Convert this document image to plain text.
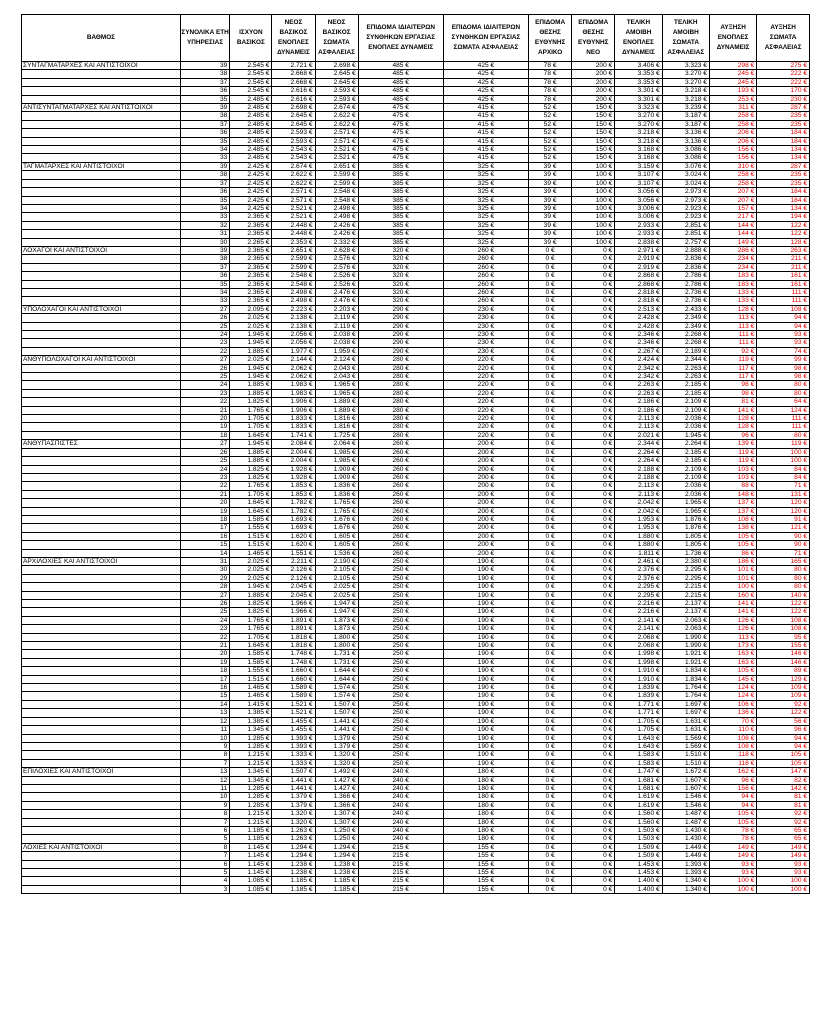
ΒΑΘΜΟΣ	ΣΥΝΟΛΙΚΑ ΕΤΗ ΥΠΗΡΕΣΙΑΣ	ΙΣΧΥΟΝ ΒΑΣΙΚΟΣ	ΝΕΟΣ ΒΑΣΙΚΟΣ ΕΝΟΠΛΕΣ ΔΥΝΑΜΕΙΣ	ΝΕΟΣ ΒΑΣΙΚΟΣ ΣΩΜΑΤΑ ΑΣΦΑΛΕΙΑΣ	ΕΠΙΔΟΜΑ ΙΔΙΑΙΤΕΡΩΝ ΣΥΝΘΗΚΩΝ ΕΡΓΑΣΙΑΣ ΕΝΟΠΛΕΣ ΔΥΝΑΜΕΙΣ	ΕΠΙΔΟΜΑ ΙΔΙΑΙΤΕΡΩΝ ΣΥΝΘΗΚΩΝ ΕΡΓΑΣΙΑΣ ΣΩΜΑΤΑ ΑΣΦΑΛΕΙΑΣ	ΕΠΙΔΟΜΑ ΘΕΣΗΣ ΕΥΘΥΝΗΣ ΑΡΧΙΚΟ	ΕΠΙΔΟΜΑ ΘΕΣΗΣ ΕΥΘΥΝΗΣ ΝΕΟ	ΤΕΛΙΚΗ ΑΜΟΙΒΗ ΕΝΟΠΛΕΣ ΔΥΝΑΜΕΙΣ	ΤΕΛΙΚΗ ΑΜΟΙΒΗ ΣΩΜΑΤΑ ΑΣΦΑΛΕΙΑΣ	ΑΥΞΗΣΗ ΕΝΟΠΛΕΣ ΔΥΝΑΜΕΙΣ	ΑΥΞΗΣΗ ΣΩΜΑΤΑ ΑΣΦΑΛΕΙΑΣ
ΣΥΝΤΑΓΜΑΤΑΡΧΕΣ ΚΑΙ ΑΝΤΙΣΤΟΙΧΟΙ	39	2.545 €	2.721 €	2.698 €	485 €	425 €	78 €	200 €	3.406 €	3.323 €	298 €	275 €
	38	2.545 €	2.668 €	2.645 €	485 €	425 €	78 €	200 €	3.353 €	3.270 €	245 €	222 €
	37	2.545 €	2.668 €	2.645 €	485 €	425 €	78 €	200 €	3.353 €	3.270 €	245 €	222 €
	36	2.545 €	2.616 €	2.593 €	485 €	425 €	78 €	200 €	3.301 €	3.218 €	193 €	170 €
	35	2.485 €	2.616 €	2.593 €	485 €	425 €	78 €	200 €	3.301 €	3.218 €	253 €	230 €
ΑΝΤΙΣΥΝΤΑΓΜΑΤΑΡΧΕΣ ΚΑΙ ΑΝΤΙΣΤΟΙΧΟΙ	39	2.485 €	2.698 €	2.674 €	475 €	415 €	52 €	150 €	3.323 €	3.239 €	311 €	287 €
	38	2.485 €	2.645 €	2.622 €	475 €	415 €	52 €	150 €	3.270 €	3.187 €	258 €	235 €
	37	2.485 €	2.645 €	2.622 €	475 €	415 €	52 €	150 €	3.270 €	3.187 €	258 €	235 €
	36	2.485 €	2.593 €	2.571 €	475 €	415 €	52 €	150 €	3.218 €	3.136 €	206 €	184 €
	35	2.485 €	2.593 €	2.571 €	475 €	415 €	52 €	150 €	3.218 €	3.136 €	206 €	184 €
	34	2.485 €	2.543 €	2.521 €	475 €	415 €	52 €	150 €	3.168 €	3.086 €	156 €	134 €
	33	2.485 €	2.543 €	2.521 €	475 €	415 €	52 €	150 €	3.168 €	3.086 €	156 €	134 €
ΤΑΓΜΑΤΑΡΧΕΣ ΚΑΙ ΑΝΤΙΣΤΟΙΧΟΙ	39	2.425 €	2.674 €	2.651 €	385 €	325 €	39 €	100 €	3.159 €	3.076 €	310 €	287 €
	38	2.425 €	2.622 €	2.599 €	385 €	325 €	39 €	100 €	3.107 €	3.024 €	258 €	235 €
	37	2.425 €	2.622 €	2.599 €	385 €	325 €	39 €	100 €	3.107 €	3.024 €	258 €	235 €
	36	2.425 €	2.571 €	2.548 €	385 €	325 €	39 €	100 €	3.056 €	2.973 €	207 €	184 €
	35	2.425 €	2.571 €	2.548 €	385 €	325 €	39 €	100 €	3.056 €	2.973 €	207 €	184 €
	34	2.425 €	2.521 €	2.498 €	385 €	325 €	39 €	100 €	3.006 €	2.923 €	157 €	134 €
	33	2.365 €	2.521 €	2.498 €	385 €	325 €	39 €	100 €	3.006 €	2.923 €	217 €	194 €
	32	2.365 €	2.448 €	2.426 €	385 €	325 €	39 €	100 €	2.933 €	2.851 €	144 €	122 €
	31	2.365 €	2.448 €	2.426 €	385 €	325 €	39 €	100 €	2.933 €	2.851 €	144 €	122 €
	30	2.265 €	2.353 €	2.332 €	385 €	325 €	39 €	100 €	2.838 €	2.757 €	149 €	128 €
ΛΟΧΑΓΟΙ ΚΑΙ ΑΝΤΙΣΤΟΙΧΟΙ	39	2.365 €	2.651 €	2.628 €	320 €	260 €	0 €	0 €	2.971 €	2.888 €	286 €	263 €
	38	2.365 €	2.599 €	2.576 €	320 €	260 €	0 €	0 €	2.919 €	2.836 €	234 €	211 €
	37	2.365 €	2.599 €	2.576 €	320 €	260 €	0 €	0 €	2.919 €	2.836 €	234 €	211 €
	36	2.365 €	2.548 €	2.526 €	320 €	260 €	0 €	0 €	2.868 €	2.786 €	183 €	161 €
	35	2.365 €	2.548 €	2.526 €	320 €	260 €	0 €	0 €	2.868 €	2.786 €	183 €	161 €
	34	2.365 €	2.498 €	2.476 €	320 €	260 €	0 €	0 €	2.818 €	2.736 €	133 €	111 €
	33	2.365 €	2.498 €	2.476 €	320 €	260 €	0 €	0 €	2.818 €	2.736 €	133 €	111 €
ΥΠΟΛΟΧΑΓΟΙ ΚΑΙ ΑΝΤΙΣΤΟΙΧΟΙ	27	2.095 €	2.223 €	2.203 €	290 €	230 €	0 €	0 €	2.513 €	2.433 €	128 €	108 €
	26	2.025 €	2.138 €	2.119 €	290 €	230 €	0 €	0 €	2.428 €	2.349 €	113 €	94 €
	25	2.025 €	2.138 €	2.119 €	290 €	230 €	0 €	0 €	2.428 €	2.349 €	113 €	94 €
	24	1.945 €	2.056 €	2.038 €	290 €	230 €	0 €	0 €	2.346 €	2.268 €	111 €	93 €
	23	1.945 €	2.056 €	2.038 €	290 €	230 €	0 €	0 €	2.346 €	2.268 €	111 €	93 €
	22	1.885 €	1.977 €	1.959 €	290 €	230 €	0 €	0 €	2.267 €	2.189 €	92 €	74 €
ΑΝΘΥΠΟΛΟΧΑΓΟΙ ΚΑΙ ΑΝΤΙΣΤΟΙΧΟΙ	27	2.025 €	2.144 €	2.124 €	280 €	220 €	0 €	0 €	2.424 €	2.344 €	119 €	99 €
	26	1.945 €	2.062 €	2.043 €	280 €	220 €	0 €	0 €	2.342 €	2.263 €	117 €	98 €
	25	1.945 €	2.062 €	2.043 €	280 €	220 €	0 €	0 €	2.342 €	2.263 €	117 €	98 €
	24	1.885 €	1.983 €	1.965 €	280 €	220 €	0 €	0 €	2.263 €	2.185 €	98 €	80 €
	23	1.885 €	1.983 €	1.965 €	280 €	220 €	0 €	0 €	2.263 €	2.185 €	98 €	80 €
	22	1.825 €	1.906 €	1.889 €	280 €	220 €	0 €	0 €	2.186 €	2.109 €	81 €	64 €
	21	1.765 €	1.906 €	1.889 €	280 €	220 €	0 €	0 €	2.186 €	2.109 €	141 €	124 €
	20	1.705 €	1.833 €	1.816 €	280 €	220 €	0 €	0 €	2.113 €	2.036 €	128 €	111 €
	19	1.705 €	1.833 €	1.816 €	280 €	220 €	0 €	0 €	2.113 €	2.036 €	128 €	111 €
	18	1.645 €	1.741 €	1.725 €	280 €	220 €	0 €	0 €	2.021 €	1.945 €	96 €	80 €
ΑΝΘΥΠΑΣΠΙΣΤΕΣ	27	1.945 €	2.084 €	2.064 €	260 €	200 €	0 €	0 €	2.344 €	2.264 €	139 €	119 €
	26	1.885 €	2.004 €	1.985 €	260 €	200 €	0 €	0 €	2.264 €	2.185 €	119 €	100 €
	25	1.885 €	2.004 €	1.985 €	260 €	200 €	0 €	0 €	2.264 €	2.185 €	119 €	100 €
	24	1.825 €	1.928 €	1.909 €	260 €	200 €	0 €	0 €	2.188 €	2.109 €	103 €	84 €
	23	1.825 €	1.928 €	1.909 €	260 €	200 €	0 €	0 €	2.188 €	2.109 €	103 €	84 €
	22	1.765 €	1.853 €	1.836 €	260 €	200 €	0 €	0 €	2.113 €	2.036 €	88 €	71 €
	21	1.705 €	1.853 €	1.836 €	260 €	200 €	0 €	0 €	2.113 €	2.036 €	148 €	131 €
	20	1.645 €	1.782 €	1.765 €	260 €	200 €	0 €	0 €	2.042 €	1.965 €	137 €	120 €
	19	1.645 €	1.782 €	1.765 €	260 €	200 €	0 €	0 €	2.042 €	1.965 €	137 €	120 €
	18	1.585 €	1.693 €	1.676 €	260 €	200 €	0 €	0 €	1.953 €	1.876 €	108 €	91 €
	17	1.555 €	1.693 €	1.676 €	260 €	200 €	0 €	0 €	1.953 €	1.876 €	138 €	121 €
	16	1.515 €	1.620 €	1.605 €	260 €	200 €	0 €	0 €	1.880 €	1.805 €	105 €	90 €
	15	1.515 €	1.620 €	1.605 €	260 €	200 €	0 €	0 €	1.880 €	1.805 €	105 €	90 €
	14	1.465 €	1.551 €	1.536 €	260 €	200 €	0 €	0 €	1.811 €	1.736 €	86 €	71 €
ΑΡΧΙΛΟΧΙΕΣ ΚΑΙ ΑΝΤΙΣΤΟΙΧΟΙ	31	2.025 €	2.211 €	2.190 €	250 €	190 €	0 €	0 €	2.461 €	2.380 €	186 €	165 €
	30	2.025 €	2.126 €	2.105 €	250 €	190 €	0 €	0 €	2.376 €	2.295 €	101 €	80 €
	29	2.025 €	2.126 €	2.105 €	250 €	190 €	0 €	0 €	2.376 €	2.295 €	101 €	80 €
	28	1.945 €	2.045 €	2.025 €	250 €	190 €	0 €	0 €	2.295 €	2.215 €	100 €	80 €
	27	1.885 €	2.045 €	2.025 €	250 €	190 €	0 €	0 €	2.295 €	2.215 €	160 €	140 €
	26	1.825 €	1.966 €	1.947 €	250 €	190 €	0 €	0 €	2.216 €	2.137 €	141 €	122 €
	25	1.825 €	1.966 €	1.947 €	250 €	190 €	0 €	0 €	2.216 €	2.137 €	141 €	122 €
	24	1.765 €	1.891 €	1.873 €	250 €	190 €	0 €	0 €	2.141 €	2.063 €	126 €	108 €
	23	1.765 €	1.891 €	1.873 €	250 €	190 €	0 €	0 €	2.141 €	2.063 €	126 €	108 €
	22	1.705 €	1.818 €	1.800 €	250 €	190 €	0 €	0 €	2.068 €	1.990 €	113 €	95 €
	21	1.645 €	1.818 €	1.800 €	250 €	190 €	0 €	0 €	2.068 €	1.990 €	173 €	155 €
	20	1.585 €	1.748 €	1.731 €	250 €	190 €	0 €	0 €	1.998 €	1.921 €	163 €	146 €
	19	1.585 €	1.748 €	1.731 €	250 €	190 €	0 €	0 €	1.998 €	1.921 €	163 €	146 €
	18	1.555 €	1.660 €	1.644 €	250 €	190 €	0 €	0 €	1.910 €	1.834 €	105 €	89 €
	17	1.515 €	1.660 €	1.644 €	250 €	190 €	0 €	0 €	1.910 €	1.834 €	145 €	129 €
	16	1.465 €	1.589 €	1.574 €	250 €	190 €	0 €	0 €	1.839 €	1.764 €	124 €	109 €
	15	1.465 €	1.589 €	1.574 €	250 €	190 €	0 €	0 €	1.839 €	1.764 €	124 €	109 €
	14	1.415 €	1.521 €	1.507 €	250 €	190 €	0 €	0 €	1.771 €	1.697 €	106 €	92 €
	13	1.385 €	1.521 €	1.507 €	250 €	190 €	0 €	0 €	1.771 €	1.697 €	136 €	122 €
	12	1.385 €	1.455 €	1.441 €	250 €	190 €	0 €	0 €	1.705 €	1.631 €	70 €	56 €
	11	1.345 €	1.455 €	1.441 €	250 €	190 €	0 €	0 €	1.705 €	1.631 €	110 €	96 €
	10	1.285 €	1.393 €	1.379 €	250 €	190 €	0 €	0 €	1.643 €	1.569 €	108 €	94 €
	9	1.285 €	1.393 €	1.379 €	250 €	190 €	0 €	0 €	1.643 €	1.569 €	108 €	94 €
	8	1.215 €	1.333 €	1.320 €	250 €	190 €	0 €	0 €	1.583 €	1.510 €	118 €	105 €
	7	1.215 €	1.333 €	1.320 €	250 €	190 €	0 €	0 €	1.583 €	1.510 €	118 €	105 €
ΕΠΙΛΟΧΙΕΣ ΚΑΙ ΑΝΤΙΣΤΟΙΧΟΙ	13	1.345 €	1.507 €	1.492 €	240 €	180 €	0 €	0 €	1.747 €	1.672 €	162 €	147 €
	12	1.345 €	1.441 €	1.427 €	240 €	180 €	0 €	0 €	1.681 €	1.607 €	96 €	82 €
	11	1.285 €	1.441 €	1.427 €	240 €	180 €	0 €	0 €	1.681 €	1.607 €	156 €	142 €
	10	1.285 €	1.379 €	1.366 €	240 €	180 €	0 €	0 €	1.619 €	1.546 €	94 €	81 €
	9	1.285 €	1.379 €	1.366 €	240 €	180 €	0 €	0 €	1.619 €	1.546 €	94 €	81 €
	8	1.215 €	1.320 €	1.307 €	240 €	180 €	0 €	0 €	1.560 €	1.487 €	105 €	92 €
	7	1.215 €	1.320 €	1.307 €	240 €	180 €	0 €	0 €	1.560 €	1.487 €	105 €	92 €
	6	1.185 €	1.263 €	1.250 €	240 €	180 €	0 €	0 €	1.503 €	1.430 €	78 €	65 €
	5	1.185 €	1.263 €	1.250 €	240 €	180 €	0 €	0 €	1.503 €	1.430 €	78 €	65 €
ΛΟΧΙΕΣ ΚΑΙ ΑΝΤΙΣΤΟΙΧΟΙ	8	1.145 €	1.294 €	1.294 €	215 €	155 €	0 €	0 €	1.509 €	1.449 €	149 €	149 €
	7	1.145 €	1.294 €	1.294 €	215 €	155 €	0 €	0 €	1.509 €	1.449 €	149 €	149 €
	6	1.145 €	1.238 €	1.238 €	215 €	155 €	0 €	0 €	1.453 €	1.393 €	93 €	93 €
	5	1.145 €	1.238 €	1.238 €	215 €	155 €	0 €	0 €	1.453 €	1.393 €	93 €	93 €
	4	1.085 €	1.185 €	1.185 €	215 €	155 €	0 €	0 €	1.400 €	1.340 €	100 €	100 €
	3	1.085 €	1.185 €	1.185 €	215 €	155 €	0 €	0 €	1.400 €	1.340 €	100 €	100 €
